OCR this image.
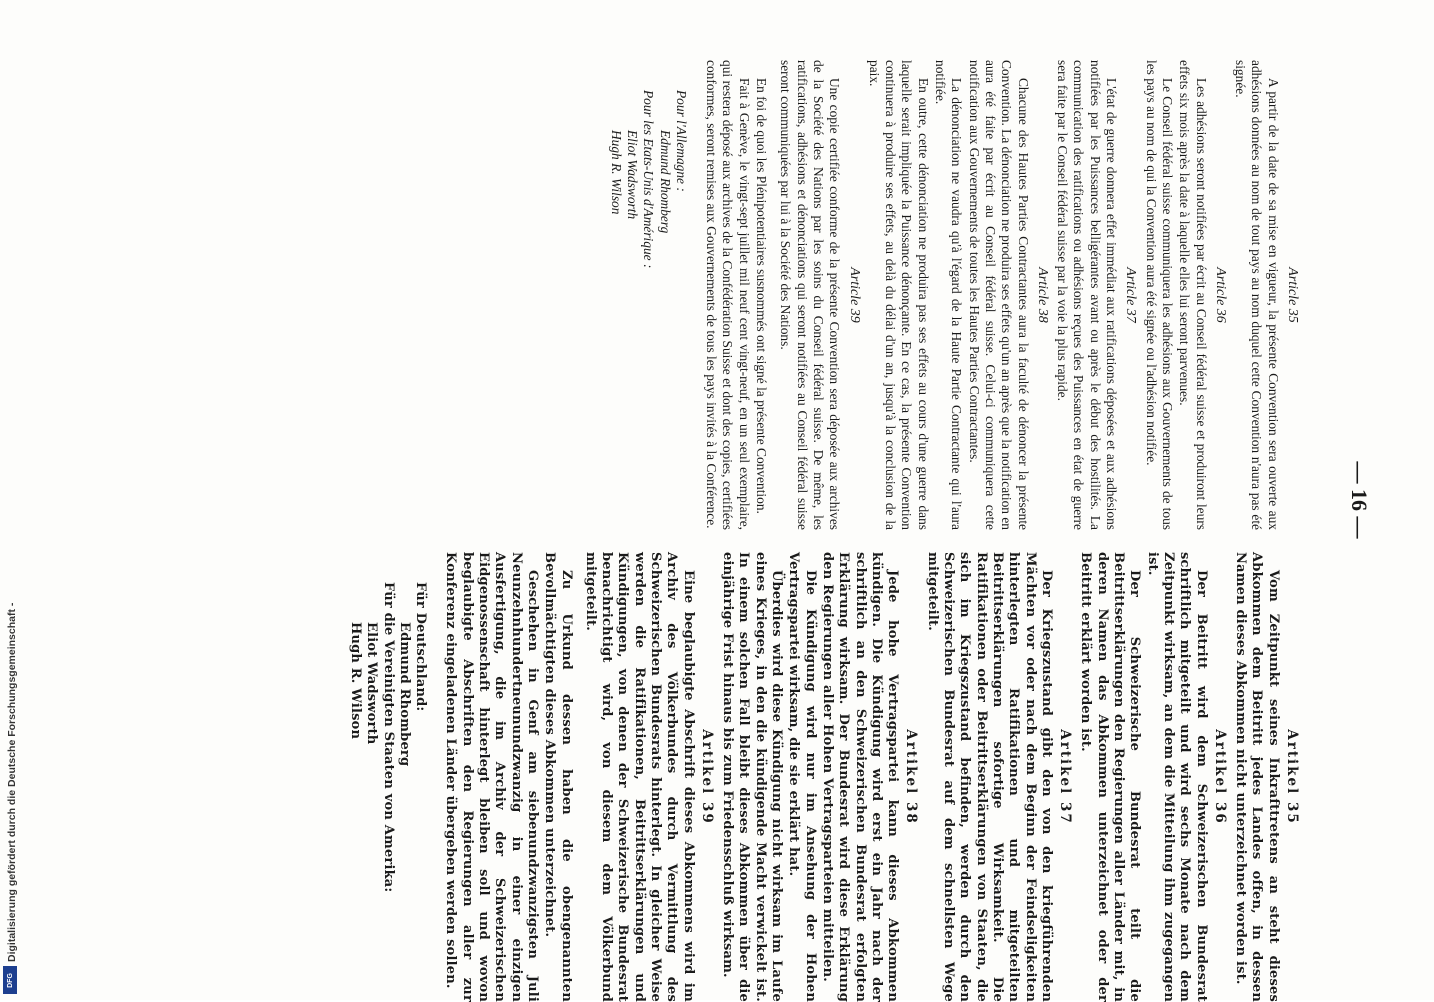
— 16 —
Article 35

A partir de la date de sa mise en vigueur, la présente Convention sera ouverte aux adhésions données au nom de tout pays au nom duquel cette Convention n'aura pas été signée.

Article 36

Les adhésions seront notifiées par écrit au Conseil fédéral suisse et produiront leurs effets six mois après la date à laquelle elles lui seront parvenues.

Le Conseil fédéral suisse communiquera les adhésions aux Gouvernements de tous les pays au nom de qui la Convention aura été signée ou l'adhésion notifiée.

Article 37

L'état de guerre donnera effet immédiat aux ratifications déposées et aux adhésions notifiées par les Puissances belligérantes avant ou après le début des hostilités. La communication des ratifications ou adhésions reçues des Puissances en état de guerre sera faite par le Conseil fédéral suisse par la voie la plus rapide.

Article 38

Chacune des Hautes Parties Contractantes aura la faculté de dénoncer la présente Convention. La dénonciation ne produira ses effets qu'un an après que la notification en aura été faite par écrit au Conseil fédéral suisse. Celui-ci communiquera cette notification aux Gouvernements de toutes les Hautes Parties Contractantes.

La dénonciation ne vaudra qu'à l'égard de la Haute Partie Contractante qui l'aura notifiée.

En outre, cette dénonciation ne produira pas ses effets au cours d'une guerre dans laquelle serait impliquée la Puissance dénonçante. En ce cas, la présente Convention continuera à produire ses effets, au delà du délai d'un an, jusqu'à la conclusion de la paix.

Article 39

Une copie certifiée conforme de la présente Convention sera déposée aux archives de la Société des Nations par les soins du Conseil fédéral suisse. De même, les ratifications, adhésions et dénonciations qui seront notifiées au Conseil fédéral suisse seront communiquées par lui à la Société des Nations.

En foi de quoi les Plénipotentiaires susnommés ont signé la présente Convention.

Fait à Genève, le vingt-sept juillet mil neuf cent vingt-neuf, en un seul exemplaire, qui restera déposé aux archives de la Confédération Suisse et dont des copies, certifiées conformes, seront remises aux Gouvernements de tous les pays invités à la Conférence.

Pour l'Allemagne :
Edmund Rhomberg
Pour les Etats-Unis d'Amérique :
Eliot Wadsworth
Hugh R. Wilson
Artikel 35

Vom Zeitpunkt seines Inkrafttretens an steht dieses Abkommen dem Beitritt jedes Landes offen, in dessen Namen dieses Abkommen nicht unterzeichnet worden ist.

Artikel 36

Der Beitritt wird dem Schweizerischen Bundesrat schriftlich mitgeteilt und wird sechs Monate nach dem Zeitpunkt wirksam, an dem die Mitteilung ihm zugegangen ist.

Der Schweizerische Bundesrat teilt die Beitrittserklärungen den Regierungen aller Länder mit, in deren Namen das Abkommen unterzeichnet oder der Beitritt erklärt worden ist.

Artikel 37

Der Kriegszustand gibt den von den kriegführenden Mächten vor oder nach dem Beginn der Feindseligkeiten hinterlegten Ratifikationen und mitgeteilten Beitrittserklärungen sofortige Wirksamkeit. Die Ratifikationen oder Beitrittserklärungen von Staaten, die sich im Kriegszustand befinden, werden durch den Schweizerischen Bundesrat auf dem schnellsten Wege mitgeteilt.

Artikel 38

Jede hohe Vertragspartei kann dieses Abkommen kündigen. Die Kündigung wird erst ein Jahr nach der schriftlich an den Schweizerischen Bundesrat erfolgten Erklärung wirksam. Der Bundesrat wird diese Erklärung den Regierungen aller Hohen Vertragsparteien mitteilen.

Die Kündigung wird nur im Ansehung der Hohen Vertragspartei wirksam, die sie erklärt hat.

Überdies wird diese Kündigung nicht wirksam im Laufe eines Krieges, in den die kündigende Macht verwickelt ist. In einem solchen Fall bleibt dieses Abkommen über die einjährige Frist hinaus bis zum Friedensschluß wirksam.

Artikel 39

Eine beglaubigte Abschrift dieses Abkommens wird im Archiv des Völkerbundes durch Vermittlung des Schweizerischen Bundesrats hinterlegt. In gleicher Weise werden die Ratifikationen, Beitrittserklärungen und Kündigungen, von denen der Schweizerische Bundesrat benachrichtigt wird, von diesem dem Völkerbund mitgeteilt.

Zu Urkund dessen haben die obengenannten Bevollmächtigten dieses Abkommen unterzeichnet.

Geschehen in Genf am siebenundzwanzigsten Juli Neunzehnhundertneunundzwanzig in einer einzigen Ausfertigung, die im Archiv der Schweizerischen Eidgenossenschaft hinterlegt bleiben soll und wovon beglaubigte Abschriften den Regierungen aller zur Konferenz eingeladenen Länder übergeben werden sollen.

Für Deutschland:
Edmund Rhomberg
Für die Vereinigten Staaten von Amerika:
Eliot Wadsworth
Hugh R. Wilson
Digitalisierung gefördert durch die Deutsche Forschungsgemeinschaft -
DFG
